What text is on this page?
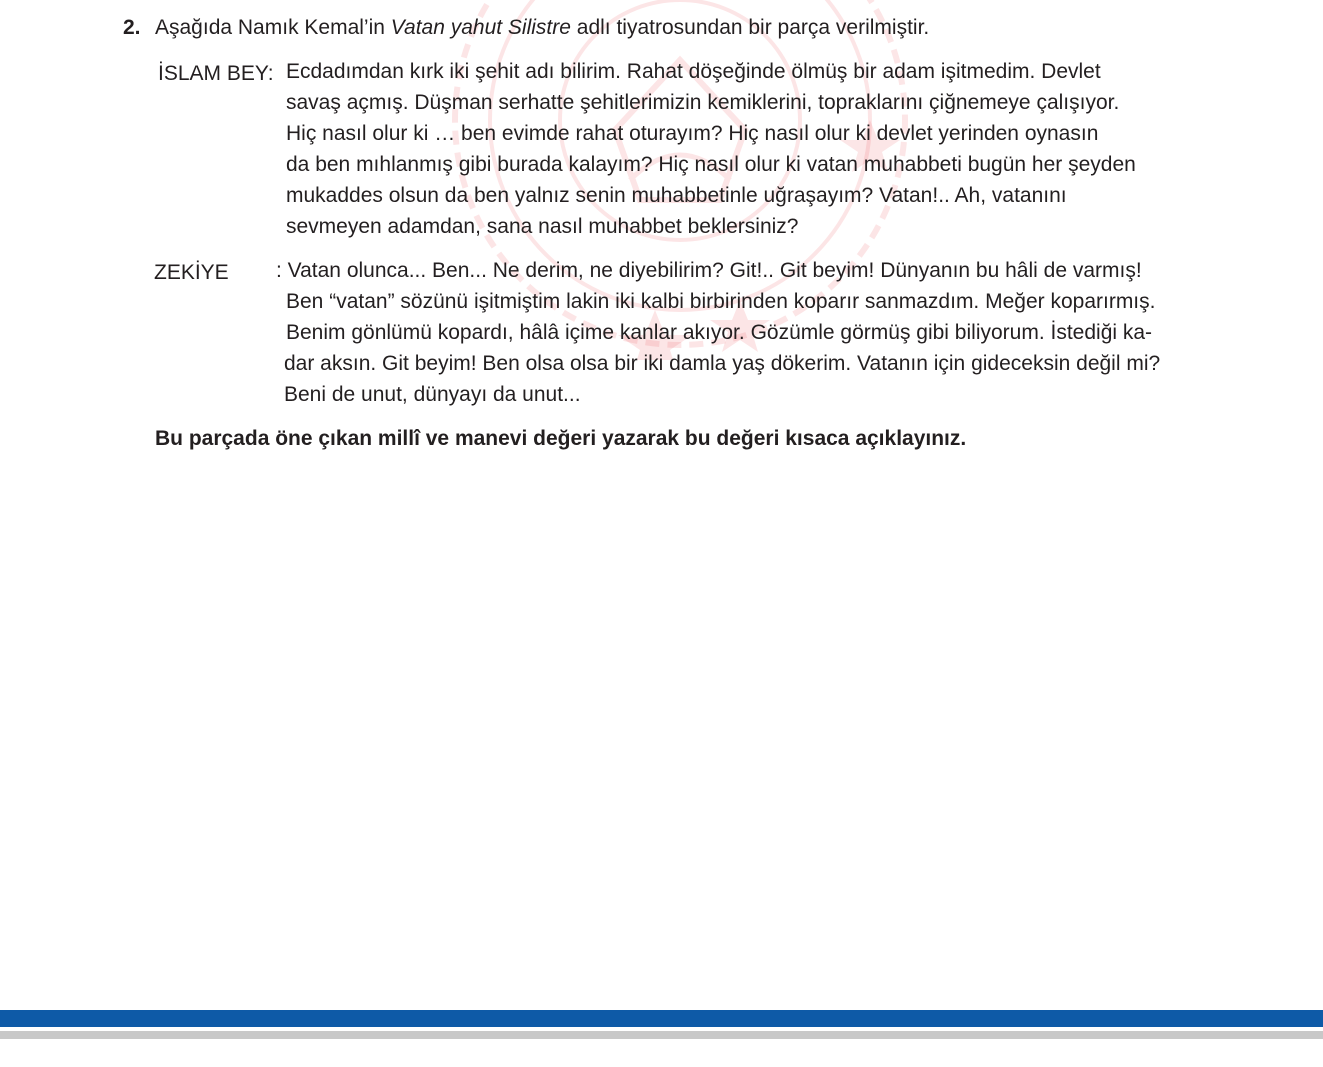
2. Aşağıda Namık Kemal’in Vatan yahut Silistre adlı tiyatrosundan bir parça verilmiştir.
İSLAM BEY: Ecdadımdan kırk iki şehit adı bilirim. Rahat döşeğinde ölmüş bir adam işitmedim. Devlet
savaş açmış. Düşman serhatte şehitlerimizin kemiklerini, topraklarını çiğnemeye çalışıyor.
Hiç nasıl olur ki … ben evimde rahat oturayım? Hiç nasıl olur ki devlet yerinden oynasın
da ben mıhlanmış gibi burada kalayım? Hiç nasıl olur ki vatan muhabbeti bugün her şeyden
mukaddes olsun da ben yalnız senin muhabbetinle uğraşayım? Vatan!.. Ah, vatanını
sevmeyen adamdan, sana nasıl muhabbet beklersiniz?
ZEKİYE : Vatan olunca... Ben... Ne derim, ne diyebilirim? Git!.. Git beyim! Dünyanın bu hâli de varmış!
Ben “vatan” sözünü işitmiştim lakin iki kalbi birbirinden koparır sanmazdım. Meğer koparırmış.
Benim gönlümü kopardı, hâlâ içime kanlar akıyor. Gözümle görmüş gibi biliyorum. İstediği ka-
dar aksın. Git beyim! Ben olsa olsa bir iki damla yaş dökerim. Vatanın için gideceksin değil mi?
Beni de unut, dünyayı da unut...
Bu parçada öne çıkan millî ve manevi değeri yazarak bu değeri kısaca açıklayınız.
